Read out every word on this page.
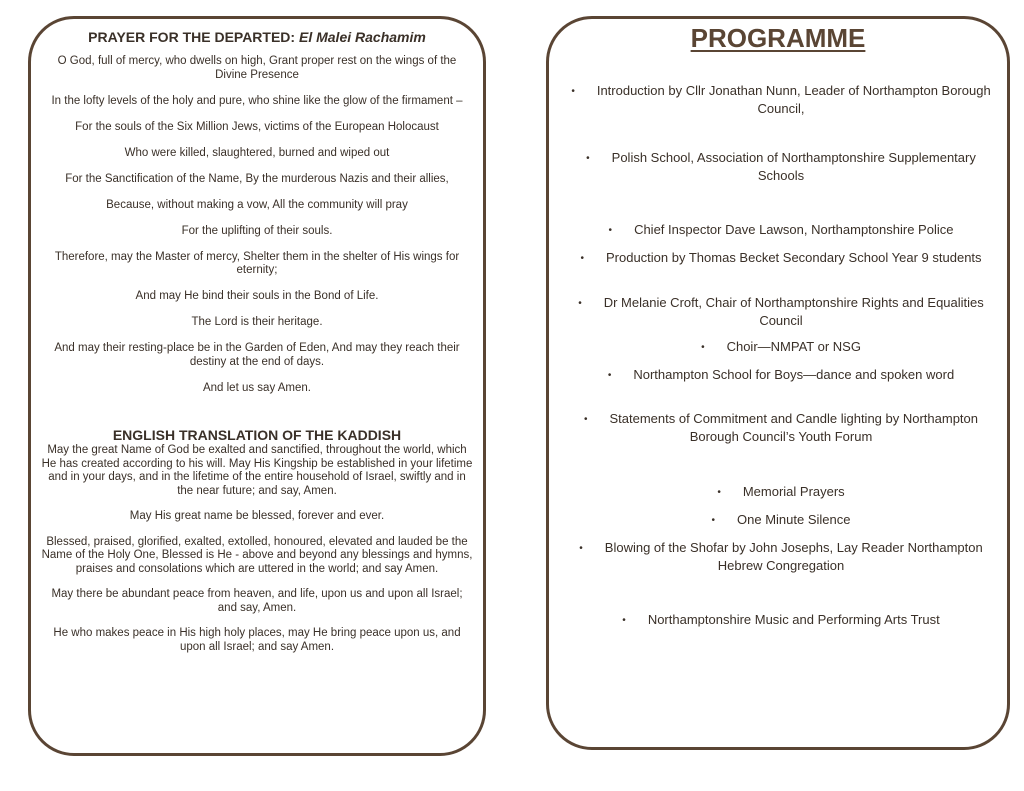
PRAYER FOR THE DEPARTED: El Malei Rachamim

O God, full of mercy, who dwells on high, Grant proper rest on the wings of the Divine Presence

In the lofty levels of the holy and pure, who shine like the glow of the firmament –

For the souls of the Six Million Jews, victims of the European Holocaust

Who were killed, slaughtered, burned and wiped out

For the Sanctification of the Name, By the murderous Nazis and their allies,

Because, without making a vow, All the community will pray

For the uplifting of their souls.

Therefore, may the Master of mercy, Shelter them in the shelter of His wings for eternity;

And may He bind their souls in the Bond of Life.

The Lord is their heritage.

And may their resting-place be in the Garden of Eden, And may they reach their destiny at the end of days.

And let us say Amen.

ENGLISH TRANSLATION OF THE KADDISH

May the great Name of God be exalted and sanctified, throughout the world, which He has created according to his will. May His Kingship be established in your lifetime and in your days, and in the lifetime of the entire household of Israel, swiftly and in the near future; and say, Amen.

May His great name be blessed, forever and ever.

Blessed, praised, glorified, exalted, extolled, honoured, elevated and lauded be the Name of the Holy One, Blessed is He - above and beyond any blessings and hymns, praises and consolations which are uttered in the world; and say Amen.

May there be abundant peace from heaven, and life, upon us and upon all Israel; and say, Amen.

He who makes peace in His high holy places, may He bring peace upon us, and upon all Israel; and say Amen.

PROGRAMME
• Introduction by Cllr Jonathan Nunn, Leader of Northampton Borough Council,
• Polish School, Association of Northamptonshire Supplementary Schools
• Chief Inspector Dave Lawson, Northamptonshire Police
• Production by Thomas Becket Secondary School Year 9 students
• Dr Melanie Croft, Chair of Northamptonshire Rights and Equalities Council
• Choir—NMPAT or NSG
• Northampton School for Boys—dance and spoken word
• Statements of Commitment and Candle lighting by Northampton Borough Council’s Youth Forum
• Memorial Prayers
• One Minute Silence
• Blowing of the Shofar by John Josephs, Lay Reader Northampton Hebrew Congregation
• Northamptonshire Music and Performing Arts Trust
